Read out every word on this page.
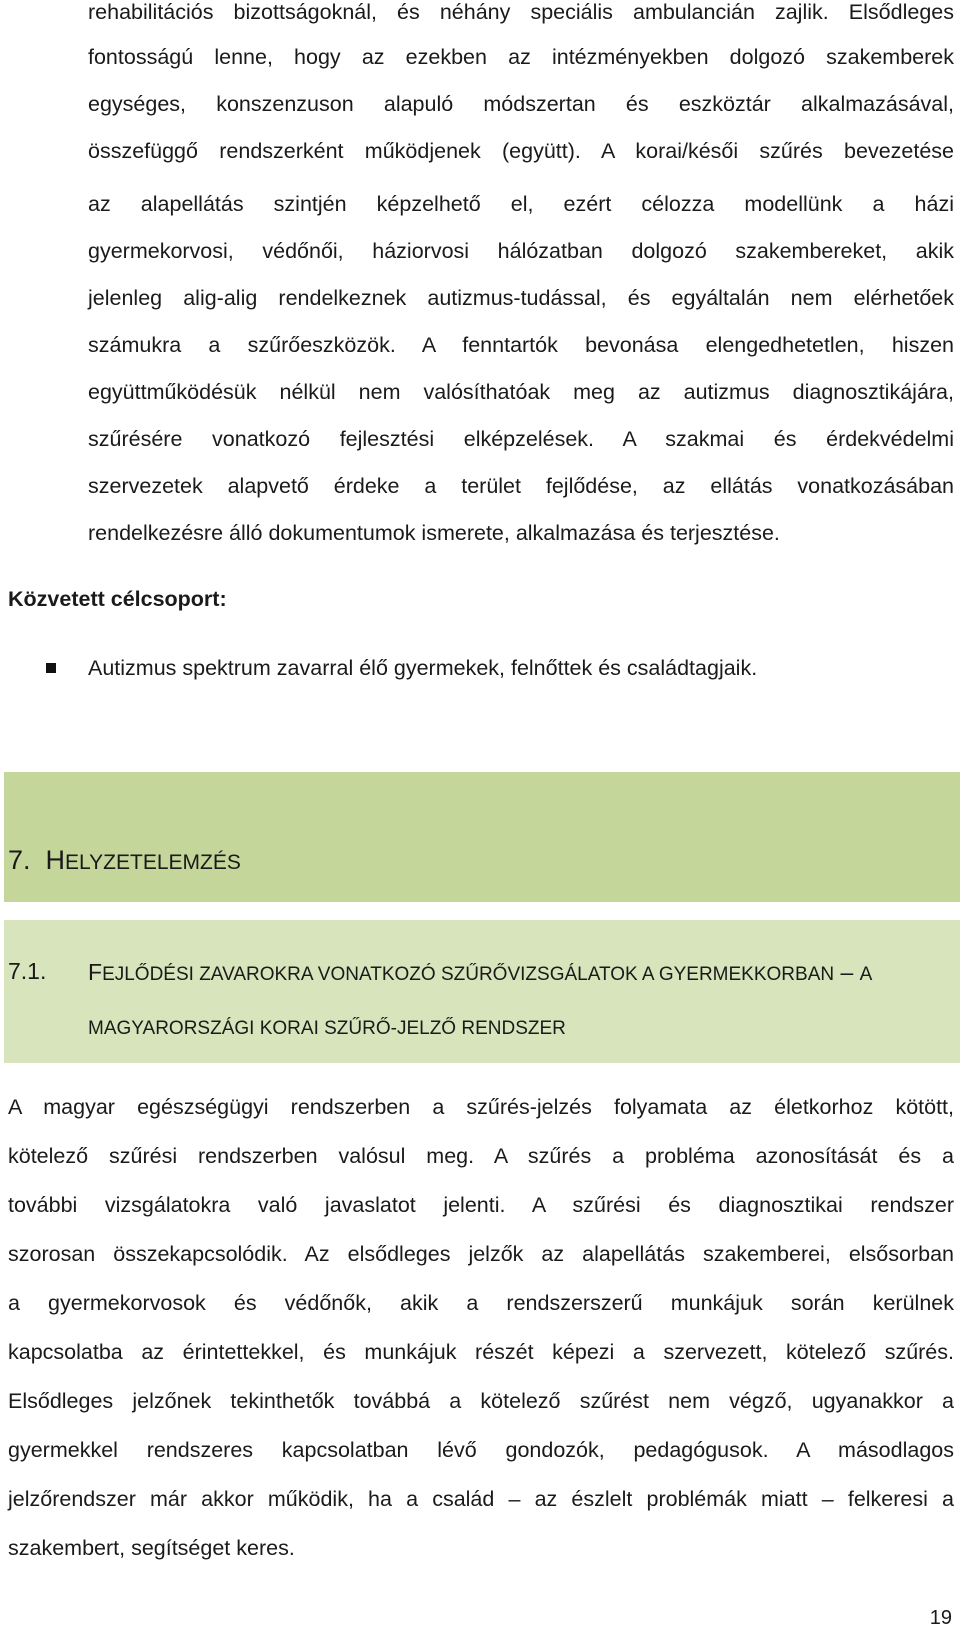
rehabilitációs bizottságoknál, és néhány speciális ambulancián zajlik. Elsődleges
fontosságú lenne, hogy az ezekben az intézményekben dolgozó szakemberek
egységes, konszenzuson alapuló módszertan és eszköztár alkalmazásával,
összefüggő rendszerként működjenek (együtt). A korai/késői szűrés bevezetése
az alapellátás szintjén képzelhető el, ezért célozza modellünk a házi
gyermekorvosi, védőnői, háziorvosi hálózatban dolgozó szakembereket, akik
jelenleg alig-alig rendelkeznek autizmus-tudással, és egyáltalán nem elérhetőek
számukra a szűrőeszközök. A fenntartók bevonása elengedhetetlen, hiszen
együttműködésük nélkül nem valósíthatóak meg az autizmus diagnosztikájára,
szűrésére vonatkozó fejlesztési elképzelések. A szakmai és érdekvédelmi
szervezetek alapvető érdeke a terület fejlődése, az ellátás vonatkozásában
rendelkezésre álló dokumentumok ismerete, alkalmazása és terjesztése.
Közvetett célcsoport:
Autizmus spektrum zavarral élő gyermekek, felnőttek és családtagjaik.
7. HELYZETELEMZÉS
7.1. FEJLŐDÉSI ZAVAROKRA VONATKOZÓ SZŰRŐVIZSGÁLATOK A GYERMEKKORBAN – A
MAGYARORSZÁGI KORAI SZŰRŐ-JELZŐ RENDSZER
A magyar egészségügyi rendszerben a szűrés-jelzés folyamata az életkorhoz kötött,
kötelező szűrési rendszerben valósul meg. A szűrés a probléma azonosítását és a
további vizsgálatokra való javaslatot jelenti. A szűrési és diagnosztikai rendszer
szorosan összekapcsolódik. Az elsődleges jelzők az alapellátás szakemberei, elsősorban
a gyermekorvosok és védőnők, akik a rendszerszerű munkájuk során kerülnek
kapcsolatba az érintettekkel, és munkájuk részét képezi a szervezett, kötelező szűrés.
Elsődleges jelzőnek tekinthetők továbbá a kötelező szűrést nem végző, ugyanakkor a
gyermekkel rendszeres kapcsolatban lévő gondozók, pedagógusok. A másodlagos
jelzőrendszer már akkor működik, ha a család – az észlelt problémák miatt – felkeresi a
szakembert, segítséget keres.
19
